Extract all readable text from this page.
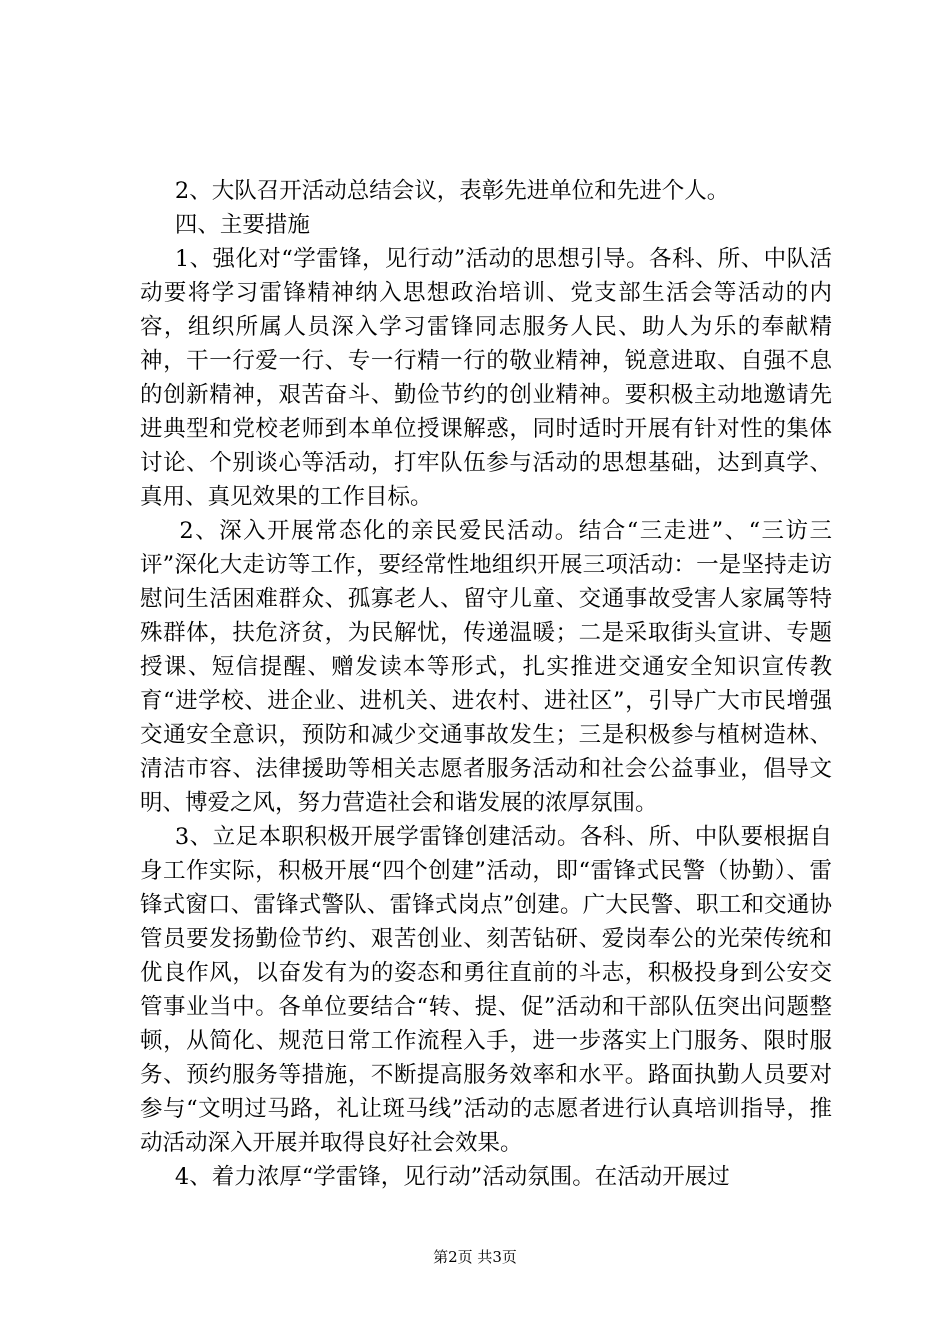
2、大队召开活动总结会议，表彰先进单位和先进个人。

四、主要措施

1、强化对“学雷锋，见行动”活动的思想引导。各科、所、中队活动要将学习雷锋精神纳入思想政治培训、党支部生活会等活动的内容，组织所属人员深入学习雷锋同志服务人民、助人为乐的奉献精神，干一行爱一行、专一行精一行的敬业精神，锐意进取、自强不息的创新精神，艰苦奋斗、勤俭节约的创业精神。要积极主动地邀请先进典型和党校老师到本单位授课解惑，同时适时开展有针对性的集体讨论、个别谈心等活动，打牢队伍参与活动的思想基础，达到真学、真用、真见效果的工作目标。

2、深入开展常态化的亲民爱民活动。结合“三走进”、“三访三评”深化大走访等工作，要经常性地组织开展三项活动：一是坚持走访慰问生活困难群众、孤寡老人、留守儿童、交通事故受害人家属等特殊群体，扶危济贫，为民解忧，传递温暖；二是采取街头宣讲、专题授课、短信提醒、赠发读本等形式，扎实推进交通安全知识宣传教育“进学校、进企业、进机关、进农村、进社区”，引导广大市民增强交通安全意识，预防和减少交通事故发生；三是积极参与植树造林、清洁市容、法律援助等相关志愿者服务活动和社会公益事业，倡导文明、博爱之风，努力营造社会和谐发展的浓厚氛围。

3、立足本职积极开展学雷锋创建活动。各科、所、中队要根据自身工作实际，积极开展“四个创建”活动，即“雷锋式民警（协勤）、雷锋式窗口、雷锋式警队、雷锋式岗点”创建。广大民警、职工和交通协管员要发扬勤俭节约、艰苦创业、刻苦钻研、爱岗奉公的光荣传统和优良作风，以奋发有为的姿态和勇往直前的斗志，积极投身到公安交管事业当中。各单位要结合“转、提、促”活动和干部队伍突出问题整顿，从简化、规范日常工作流程入手，进一步落实上门服务、限时服务、预约服务等措施，不断提高服务效率和水平。路面执勤人员要对参与“文明过马路，礼让斑马线”活动的志愿者进行认真培训指导，推动活动深入开展并取得良好社会效果。

4、着力浓厚“学雷锋，见行动”活动氛围。在活动开展过

第2页 共3页
